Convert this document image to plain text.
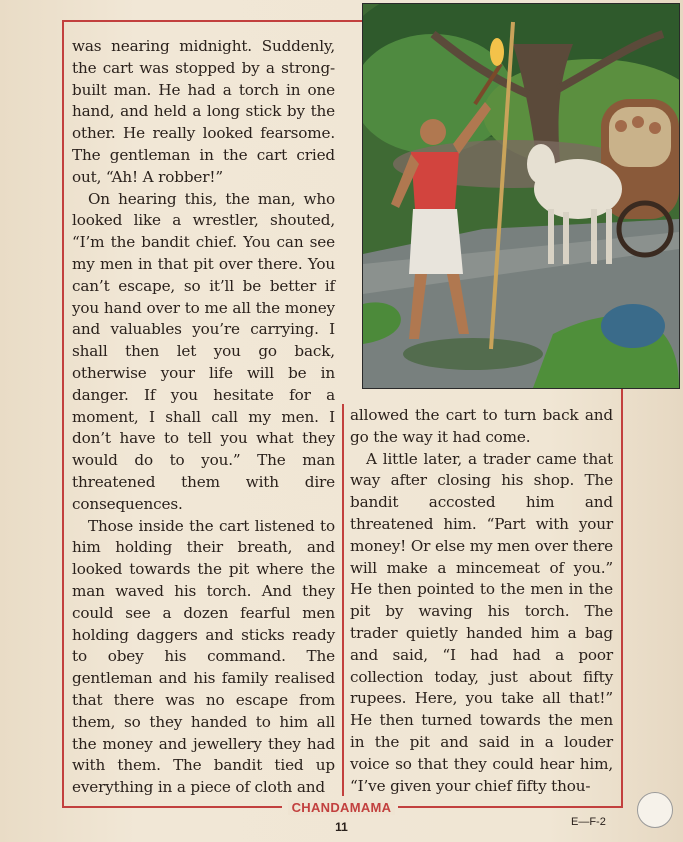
was nearing midnight. Suddenly, the cart was stopped by a strong-built man. He had a torch in one hand, and held a long stick by the other. He really looked fearsome. The gentleman in the cart cried out, “Ah! A robber!”

On hearing this, the man, who looked like a wrestler, shouted, “I’m the bandit chief. You can see my men in that pit over there. You can’t escape, so it’ll be better if you hand over to me all the money and valuables you’re carrying. I shall then let you go back, otherwise your life will be in danger. If you hesitate for a moment, I shall call my men. I don’t have to tell you what they would do to you.” The man threatened them with dire consequences.

Those inside the cart listened to him holding their breath, and looked towards the pit where the man waved his torch. And they could see a dozen fearful men holding daggers and sticks ready to obey his command. The gentleman and his family realised that there was no escape from them, so they handed to him all the money and jewellery they had with them. The bandit tied up everything in a piece of cloth and

allowed the cart to turn back and go the way it had come.

A little later, a trader came that way after closing his shop. The bandit accosted him and threatened him. “Part with your money! Or else my men over there will make a mincemeat of you.” He then pointed to the men in the pit by waving his torch. The trader quietly handed him a bag and said, “I had had a poor collection today, just about fifty rupees. Here, you take all that!” He then turned towards the men in the pit and said in a louder voice so that they could hear him, “I’ve given your chief fifty thou-

CHANDAMAMA
11	E—F-2
